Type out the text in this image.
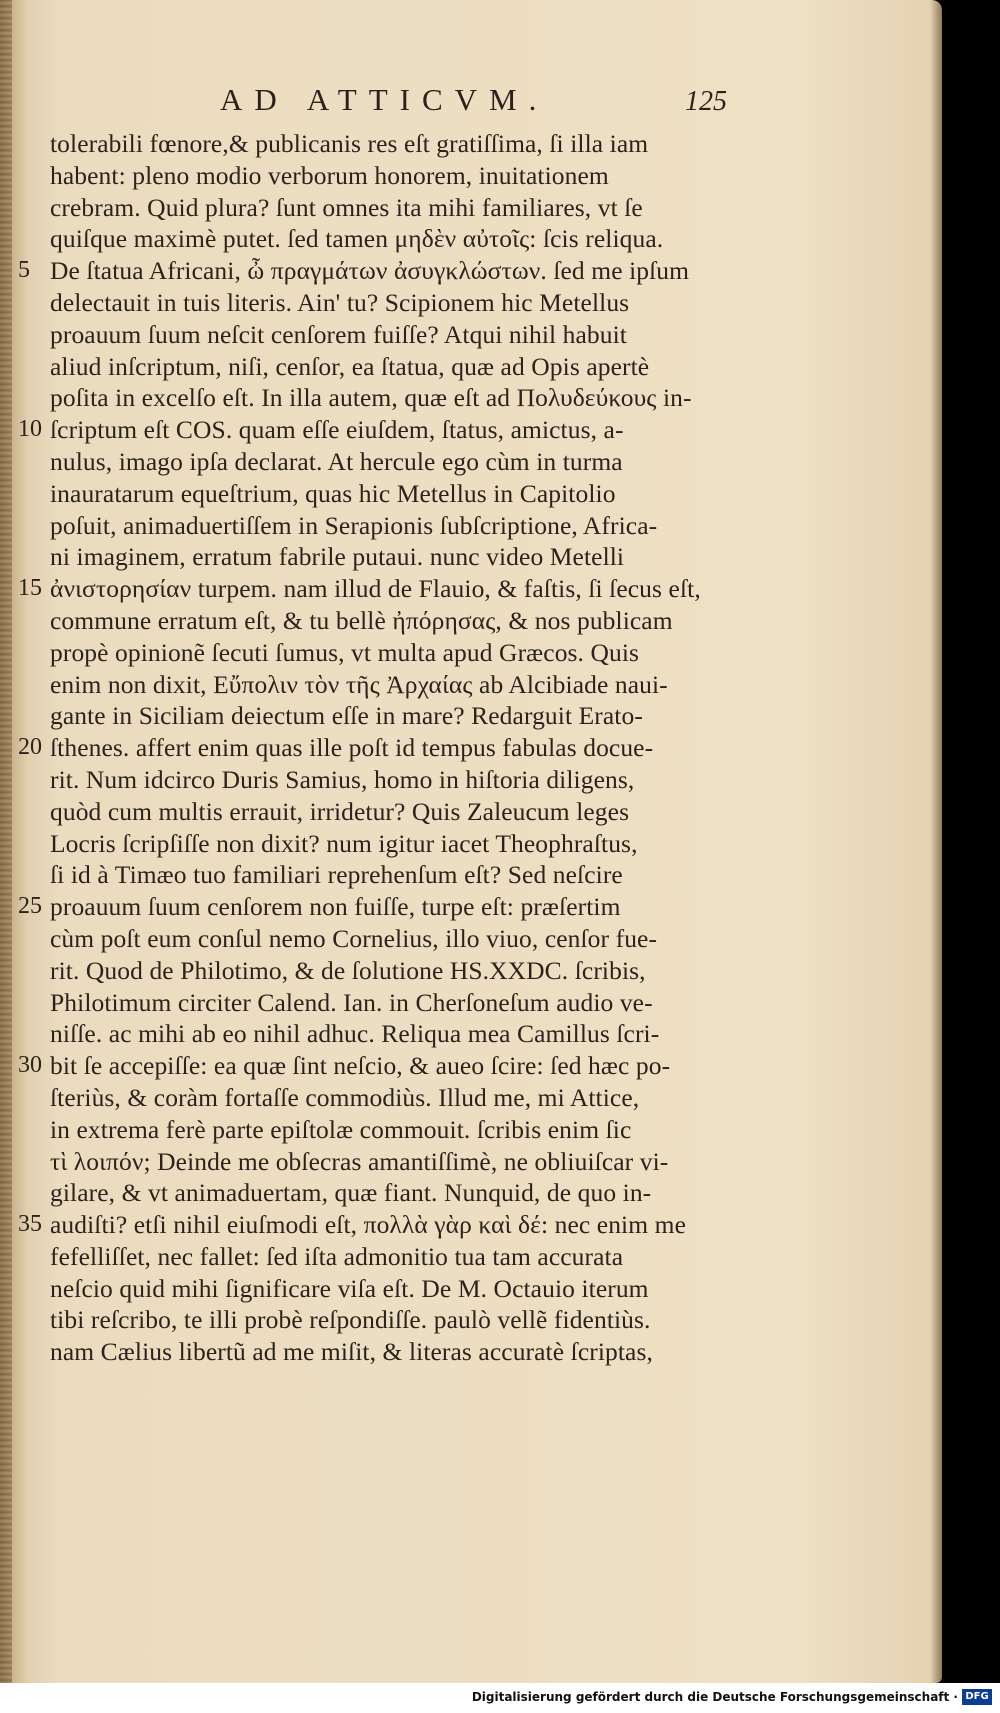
AD ATTICVM.	125
5
10
15
20
25
30
35
tolerabili fœnore,& publicanis res eſt gratiſſima, ſi illa iam
habent: pleno modio verborum honorem, inuitationem
crebram. Quid plura? ſunt omnes ita mihi familiares, vt ſe
quiſque maximè putet. ſed tamen μηδὲν αὐτοῖς: ſcis reliqua.
De ſtatua Africani, ὦ πραγμάτων ἀσυγκλώστων. ſed me ipſum
delectauit in tuis literis. Ain' tu? Scipionem hic Metellus
proauum ſuum neſcit cenſorem fuiſſe? Atqui nihil habuit
aliud inſcriptum, niſi, cenſor, ea ſtatua, quæ ad Opis apertè
poſita in excelſo eſt. In illa autem, quæ eſt ad Πολυδεύκους in-
ſcriptum eſt COS. quam eſſe eiuſdem, ſtatus, amictus, a-
nulus, imago ipſa declarat. At hercule ego cùm in turma
inauratarum equeſtrium, quas hic Metellus in Capitolio
poſuit, animaduertiſſem in Serapionis ſubſcriptione, Africa-
ni imaginem, erratum fabrile putaui. nunc video Metelli
ἀνιστορησίαν turpem. nam illud de Flauio, & faſtis, ſi ſecus eſt,
commune erratum eſt, & tu bellè ἠπόρησας, & nos publicam
propè opinionẽ ſecuti ſumus, vt multa apud Græcos. Quis
enim non dixit, Εὔπολιν τὸν τῆς Ἀρχαίας ab Alcibiade naui-
gante in Siciliam deiectum eſſe in mare? Redarguit Erato-
ſthenes. affert enim quas ille poſt id tempus fabulas docue-
rit. Num idcirco Duris Samius, homo in hiſtoria diligens,
quòd cum multis errauit, irridetur? Quis Zaleucum leges
Locris ſcripſiſſe non dixit? num igitur iacet Theophraſtus,
ſi id à Timæo tuo familiari reprehenſum eſt? Sed neſcire
proauum ſuum cenſorem non fuiſſe, turpe eſt: præſertim
cùm poſt eum conſul nemo Cornelius, illo viuo, cenſor fue-
rit. Quod de Philotimo, & de ſolutione HS.XXDC. ſcribis,
Philotimum circiter Calend. Ian. in Cherſoneſum audio ve-
niſſe. ac mihi ab eo nihil adhuc. Reliqua mea Camillus ſcri-
bit ſe accepiſſe: ea quæ ſint neſcio, & aueo ſcire: ſed hæc po-
ſteriùs, & coràm fortaſſe commodiùs. Illud me, mi Attice,
in extrema ferè parte epiſtolæ commouit. ſcribis enim ſic
τὶ λοιπόν; Deinde me obſecras amantiſſimè, ne obliuiſcar vi-
gilare, & vt animaduertam, quæ fiant. Nunquid, de quo in-
audiſti? etſi nihil eiuſmodi eſt, πολλὰ γὰρ καὶ δέ: nec enim me
fefelliſſet, nec fallet: ſed iſta admonitio tua tam accurata
neſcio quid mihi ſignificare viſa eſt. De M. Octauio iterum
tibi reſcribo, te illi probè reſpondiſſe. paulò vellẽ fidentiùs.
nam Cælius libertũ ad me miſit, & literas accuratè ſcriptas,
Digitalisierung gefördert durch die Deutsche Forschungsgemeinschaft · DFG
